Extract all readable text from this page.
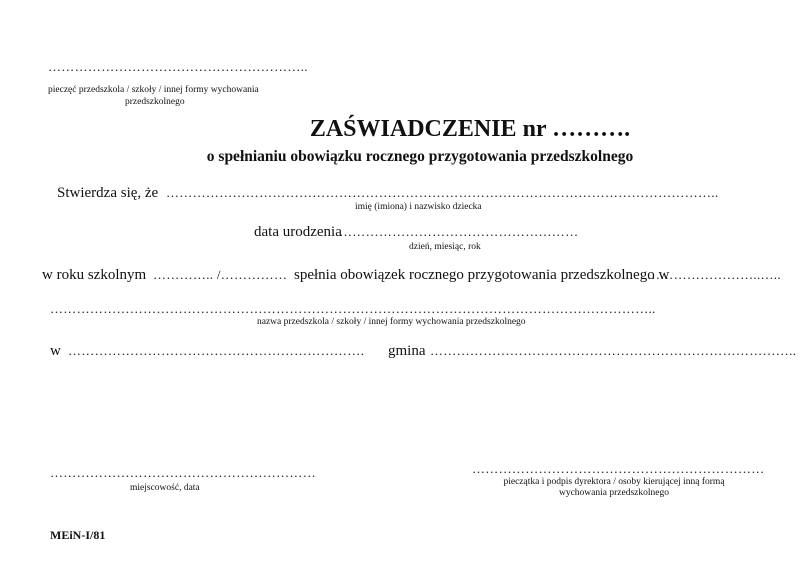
…………………………………………………..
pieczęć przedszkola / szkoły / innej formy wychowania
przedszkolnego
ZAŚWIADCZENIE nr ……….
o spełnianiu obowiązku rocznego przygotowania przedszkolnego
Stwierdza się, że ……………………………………………………………………………………………………………..
imię (imiona) i nazwisko dziecka
data urodzenia
………………………………………………
dzień, miesiąc, rok
w roku szkolnym ………….. /…………… spełnia obowiązek rocznego przygotowania przedszkolnego w
……………………..…..
………………………………………………………………………………………………………………………..
nazwa przedszkola / szkoły / innej formy wychowania przedszkolnego
w ………………………………………………………….	gmina ………………………………………………………………………..
……………………………………………………
miejscowość, data
…………………………………………………………
pieczątka i podpis dyrektora / osoby kierującej inną formą
wychowania przedszkolnego
MEiN-I/81
